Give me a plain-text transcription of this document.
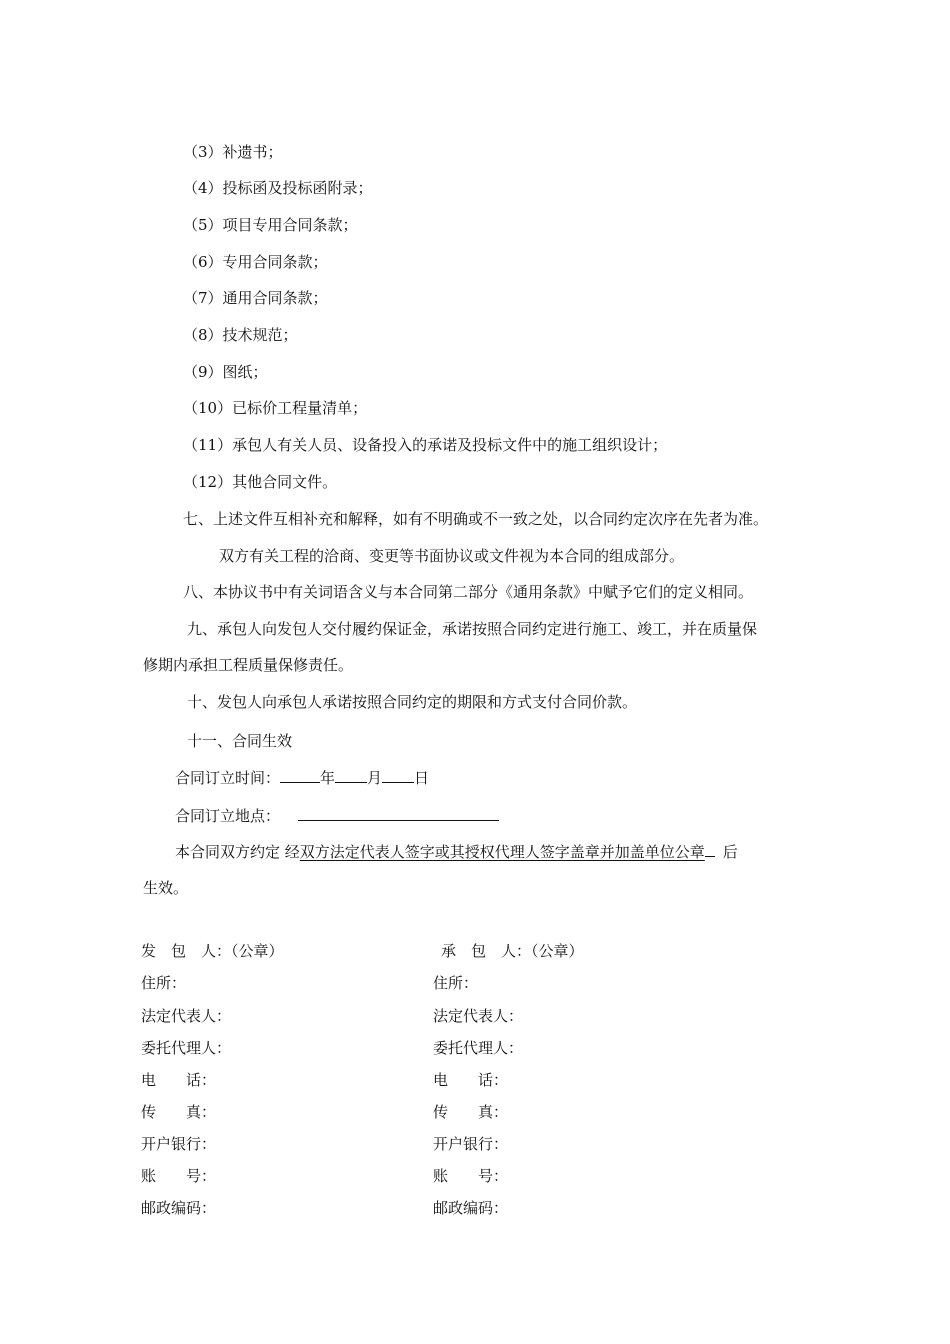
（3）补遗书；
（4）投标函及投标函附录；
（5）项目专用合同条款；
（6）专用合同条款；
（7）通用合同条款；
（8）技术规范；
（9）图纸；
（10）已标价工程量清单；
（11）承包人有关人员、设备投入的承诺及投标文件中的施工组织设计；
（12）其他合同文件。
七、上述文件互相补充和解释，如有不明确或不一致之处，以合同约定次序在先者为准。
双方有关工程的洽商、变更等书面协议或文件视为本合同的组成部分。
八、本协议书中有关词语含义与本合同第二部分《通用条款》中赋予它们的定义相同。
九、承包人向发包人交付履约保证金，承诺按照合同约定进行施工、竣工，并在质量保
修期内承担工程质量保修责任。
十、发包人向承包人承诺按照合同约定的期限和方式支付合同价款。
十一、合同生效
合同订立时间：	年 月 日
合同订立地点：
本合同双方约定 经双方法定代表人签字或其授权代理人签字盖章并加盖单位公章 后
生效。
发　包　人：（公章）
住所：
法定代表人：
委托代理人：
电　　话：
传　　真：
开户银行：
账　　号：
邮政编码：
承　包　人：（公章）
住所：
法定代表人：
委托代理人：
电　　话：
传　　真：
开户银行：
账　　号：
邮政编码：
